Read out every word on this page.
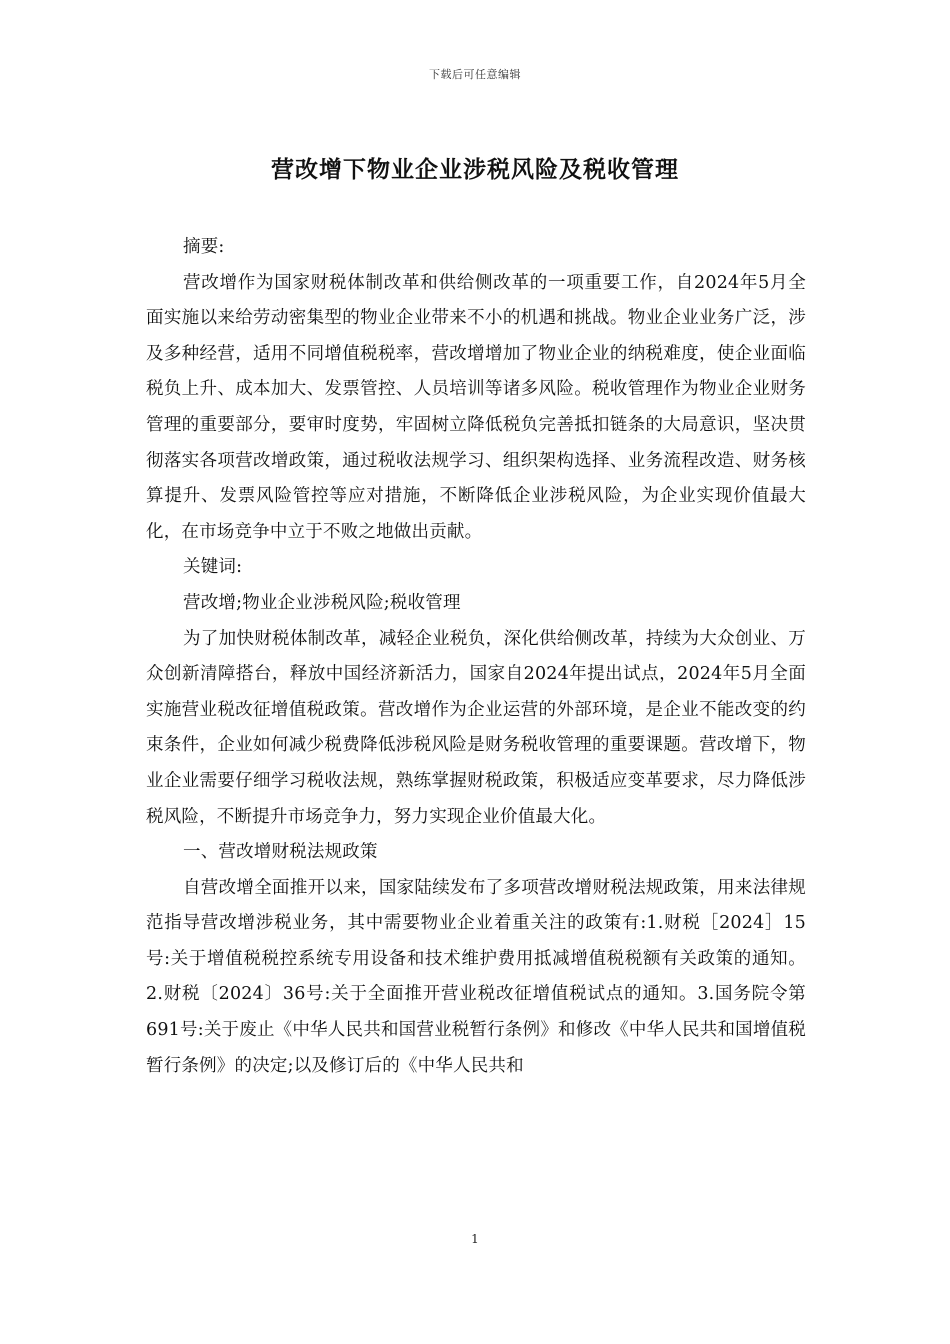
下载后可任意编辑
营改增下物业企业涉税风险及税收管理

摘要:

营改增作为国家财税体制改革和供给侧改革的一项重要工作，自2024年5月全面实施以来给劳动密集型的物业企业带来不小的机遇和挑战。物业企业业务广泛，涉及多种经营，适用不同增值税税率，营改增增加了物业企业的纳税难度，使企业面临税负上升、成本加大、发票管控、人员培训等诸多风险。税收管理作为物业企业财务管理的重要部分，要审时度势，牢固树立降低税负完善抵扣链条的大局意识，坚决贯彻落实各项营改增政策，通过税收法规学习、组织架构选择、业务流程改造、财务核算提升、发票风险管控等应对措施，不断降低企业涉税风险，为企业实现价值最大化，在市场竞争中立于不败之地做出贡献。

关键词:

营改增;物业企业涉税风险;税收管理

为了加快财税体制改革，减轻企业税负，深化供给侧改革，持续为大众创业、万众创新清障搭台，释放中国经济新活力，国家自2024年提出试点，2024年5月全面实施营业税改征增值税政策。营改增作为企业运营的外部环境，是企业不能改变的约束条件，企业如何减少税费降低涉税风险是财务税收管理的重要课题。营改增下，物业企业需要仔细学习税收法规，熟练掌握财税政策，积极适应变革要求，尽力降低涉税风险，不断提升市场竞争力，努力实现企业价值最大化。

一、营改增财税法规政策

自营改增全面推开以来，国家陆续发布了多项营改增财税法规政策，用来法律规范指导营改增涉税业务，其中需要物业企业着重关注的政策有:1.财税［2024］15号:关于增值税税控系统专用设备和技术维护费用抵减增值税税额有关政策的通知。2.财税〔2024〕36号:关于全面推开营业税改征增值税试点的通知。3.国务院令第691号:关于废止《中华人民共和国营业税暂行条例》和修改《中华人民共和国增值税暂行条例》的决定;以及修订后的《中华人民共和

1
